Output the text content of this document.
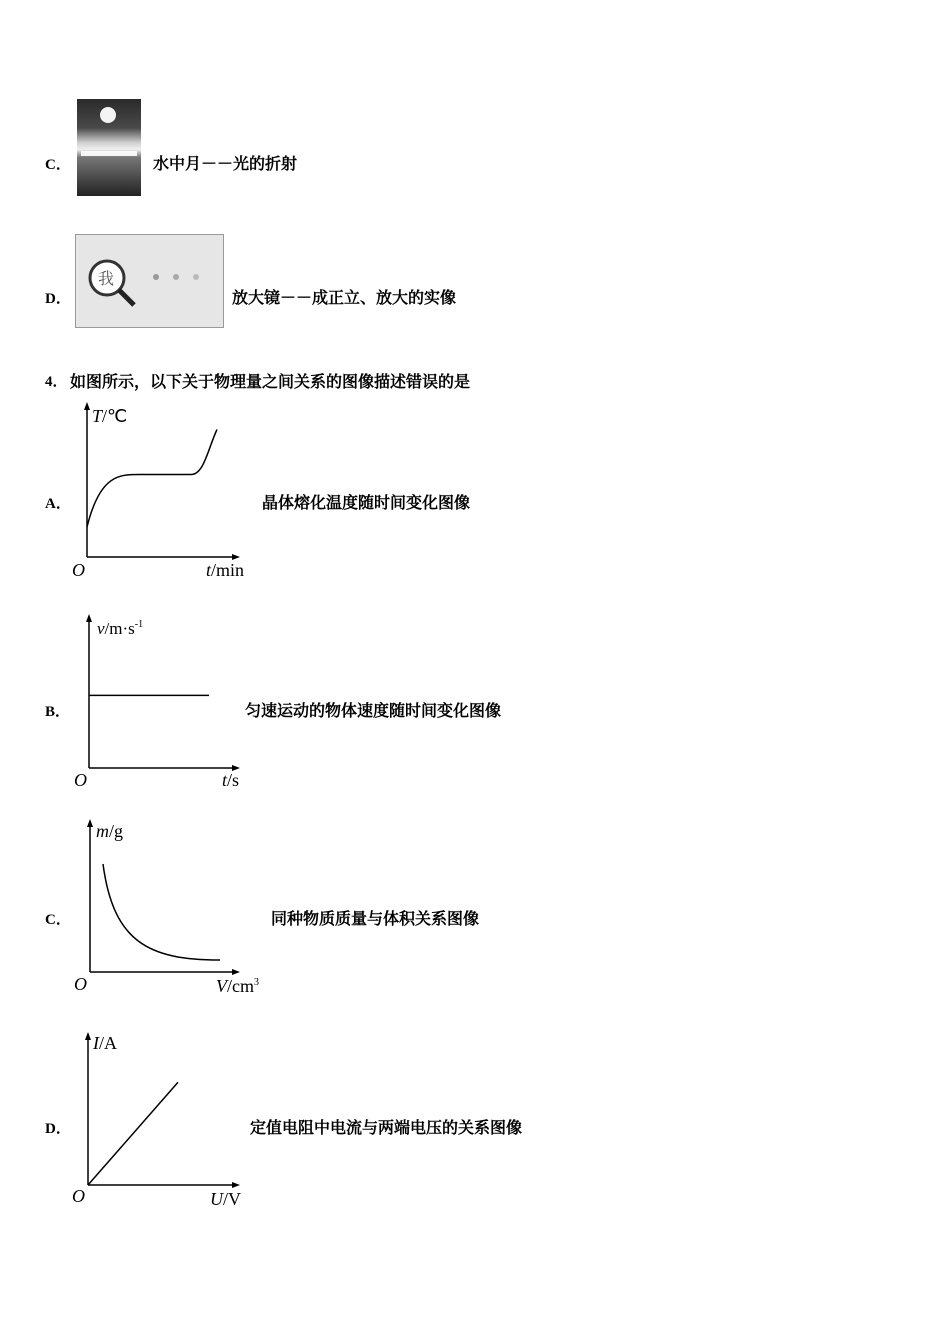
C．	水中月－－光的折射
D．
我
放大镜－－成正立、放大的实像
4． 如图所示，以下关于物理量之间关系的图像描述错误的是
A．
T/℃
O	t/min
晶体熔化温度随时间变化图像
B．
$v/m\cdot s^{-1}$
O	t/s
匀速运动的物体速度随时间变化图像
C．
m/g
O	$V/cm^3$
同种物质质量与体积关系图像
D．
I/A
O	U/V
定值电阻中电流与两端电压的关系图像
